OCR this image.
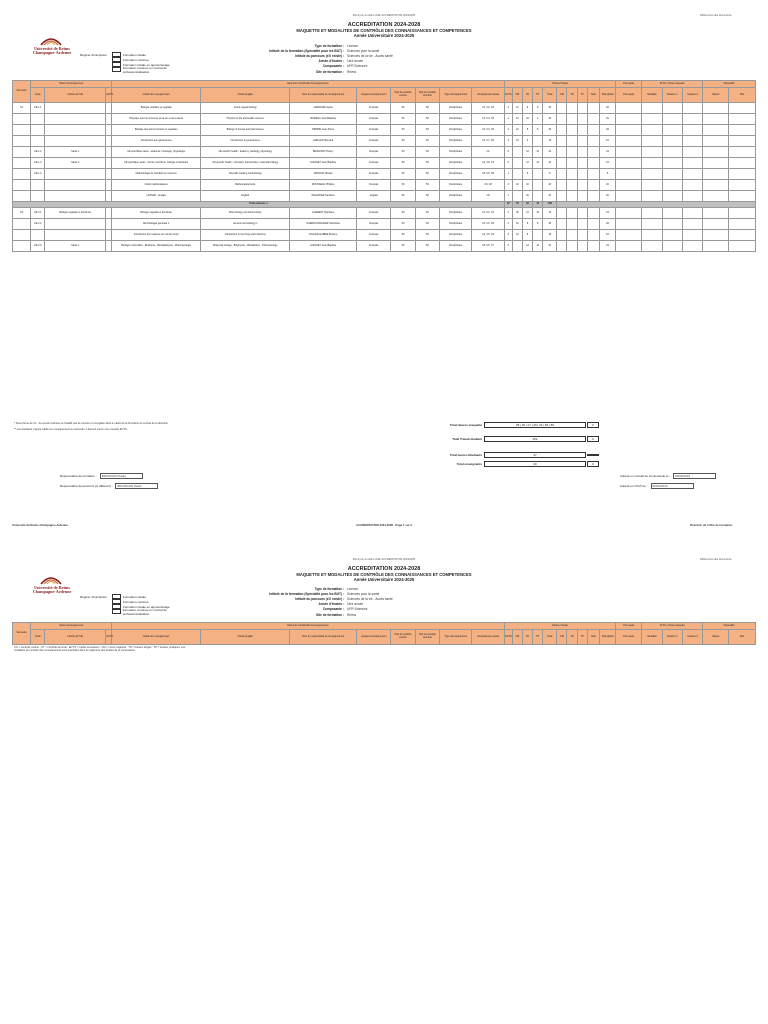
Mis à jour le cadre CNE/ ACCREDITATION 2024/2025	Références des documents
Université de Reims Champagne-Ardenne
ACCREDITATION 2024-2028
MAQUETTE ET MODALITES DE CONTRÔLE DES CONNAISSANCES ET COMPETENCES
Année Universitaire 2024-2025
Type de formation : Licence
Intitulé de la formation (Spécialité pour les BUT) : Sciences pour la santé
Intitulé du parcours (s'il existe) : Sciences de la vie - Accès santé
Année d'études : 1ère année
Composante : UFR Sciences
Site de formation : Reims
Régime d'inscription	Formation initiale
Formation continue
Formation initiale en apprentissage
Formation continue en contrat de professionnalisation
Semestre	Unités d'enseignement			Eléments Constitutifs d'enseignements								Volume horaire										Pré-requis	M 3C / Chute maquette			Dispositifs	
	Code	Intitulé de l'UE	ECTS	Intitulé de l'enseignement	Intitulé anglais	Nom du responsable de l'enseignement	Langue d'enseignement	Part du contrôle continu	Part du contrôle terminal	Type d'enseignement	Compétences visées	ECTS	CM	TD	TP	Total	CM	TD	TP	Total	Total global	Pré-requis	Modalité	Session 1	Session 2	Nature	Obs.
S1	UE 1.1			Biologie cellulaire et végétale	Cell & vegetal biology	GERVAISE Sylvie	Français	50	50	Disciplinaire	C1, C2, C3	4	10	8	8	26					26						
				Physique pour les sciences de la vie et de la santé	Physics for life and health sciences	MOREAU Jean-Baptiste	Français	50	50	Disciplinaire	C1, C4, C5	4	12	10	4	26					26						
				Biologie des tissus humains et végétaux	Biology of human and plant tissues	PERRIN Jean-Pierre	Français	50	50	Disciplinaire	C2, C3, C6	4	10	8	8	26					26						
				Introduction aux géosciences	Introduction to geosciences	LEBLANC Bernard	Français	50	50	Disciplinaire	C3, C7, C8	3	10	6		16					16						
	UE 1.2	Santé 1		UE spécifique santé : anatomie, histologie, physiologie	UE specific health : anatomy, histology, physiology	BRIANSON Thierry	Français	50	50	Disciplinaire	C1	6		12	12	24					24						
	UE 1.3	Santé 2		UE spécifique santé : chimie, biochimie, biologie moléculaire	UE specific health : chemistry, biochemistry, molecular biology	GUIGNET Jean-Baptiste	Français	50	50	Disciplinaire	C2, C9, C3	6		12	12	24					24						
	UE 1.4			Méthodologie de l'étudiant en sciences	Scientific working methodology	ARNOUD Nicolas	Français	50	50	Disciplinaire	C5, C6, C8	1		6		6					6						
				Outils mathématiques	Mathematical tools	ROUSSEAU Philippe	Français	50	50	Disciplinaire	C6, C8	2	10	10		20					20						
				LANSAD - Anglais	English	PELLETIER Sandrine	Anglais	50	50	Disciplinaire	C8	1		20		20					20						
Total semestre 1												30	52	92	44	188											
S2	UE 2.1	Biologie végétale et biochimie		Biologie végétale et biochimie	Plant biology and biochemistry	CLEMENT Stéphane	Français	50	50	Disciplinaire	C1, C2, C3	6	20	12	12	44					44						
	UE 2.2			Microbiologie générale 1	General microbiology 1	GUERIN-GRANGER Stéphanie	Français	50	50	Disciplinaire	C4, C5, C6	3	10	8	8	26					26						
				Introduction aux espaces du monde vivant	Introduction to the living world diversity	FALLIEN-GABRIE Brianne	Français	50	50	Disciplinaire	C4, C5, C6	3	10	8		18					18						
	UE 2.3	Santé 1		Biologie moléculaire - Biochimie - Biostatistiques - Pharmacologie	Molecular biology - Biophysics - Biostatistics - Pharmacology	GUIGNET Jean-Baptiste	Français	50	50	Disciplinaire	C5, C6, C7	6		12	12	24					24						
Total Heures maquette	28 | 26 | 27 | 29 | 34 | 50 | 80	0
Total Travail étudiant	451	0
Total heures Etudiants	47
Total enseignants	40	0
* Sous forme de CL : la mention Admise ne l'établit pas la mention en complète dans le cadre de la formation du contrat de la direction.
** Les étudiants n'ayant validé cet enseignement au semestre 1 doivent suivre une nouvelle ECTS.
Responsable de formation : BRUNIAUD Paule
Responsable de parcours (si différent) : BRUNIAUD Paule
Adopté en conseil de composante le : 00/00/2024
Adopté en CFVU le : 00/00/2024
Université de Reims Champagne-Ardenne	ACCREDITATION 2024-2028 · Page 1 sur 2	Direction de l'offre de formation
Mis à jour le cadre CNE/ ACCREDITATION 2024/2025	Références des documents
Université de Reims Champagne-Ardenne
ACCREDITATION 2024-2028
MAQUETTE ET MODALITES DE CONTRÔLE DES CONNAISSANCES ET COMPETENCES
Année Universitaire 2024-2025
Type de formation : Licence
Intitulé de la formation (Spécialité pour les BUT) : Sciences pour la santé
Intitulé du parcours (s'il existe) : Sciences de la vie - Accès santé
Année d'études : 1ère année
Composante : UFR Sciences
Site de formation : Reims
Régime d'inscription	Formation initiale
Formation continue
Formation initiale en apprentissage
Formation continue en contrat de professionnalisation
Semestre	Unités d'enseignement			Eléments Constitutifs d'enseignements								Volume horaire										Pré-requis	M 3C / Chute maquette			Dispositifs	
	Code	Intitulé de l'UE	ECTS	Intitulé de l'enseignement	Intitulé anglais	Nom du responsable de l'enseignement	Langue d'enseignement	Part du contrôle continu	Part du contrôle terminal	Type d'enseignement	Compétences visées	ECTS	CM	TD	TP	Total	CM	TD	TP	Total	Total global	Pré-requis	Modalité	Session 1	Session 2	Nature	Obs.
CC = contrôle continu ; CT = contrôle terminal ; ECTS = crédits européens ; CM = cours magistral ; TD = travaux dirigés ; TP = travaux pratiques. Les modalités de contrôle des connaissances sont précisées dans le règlement des études de la composante.
